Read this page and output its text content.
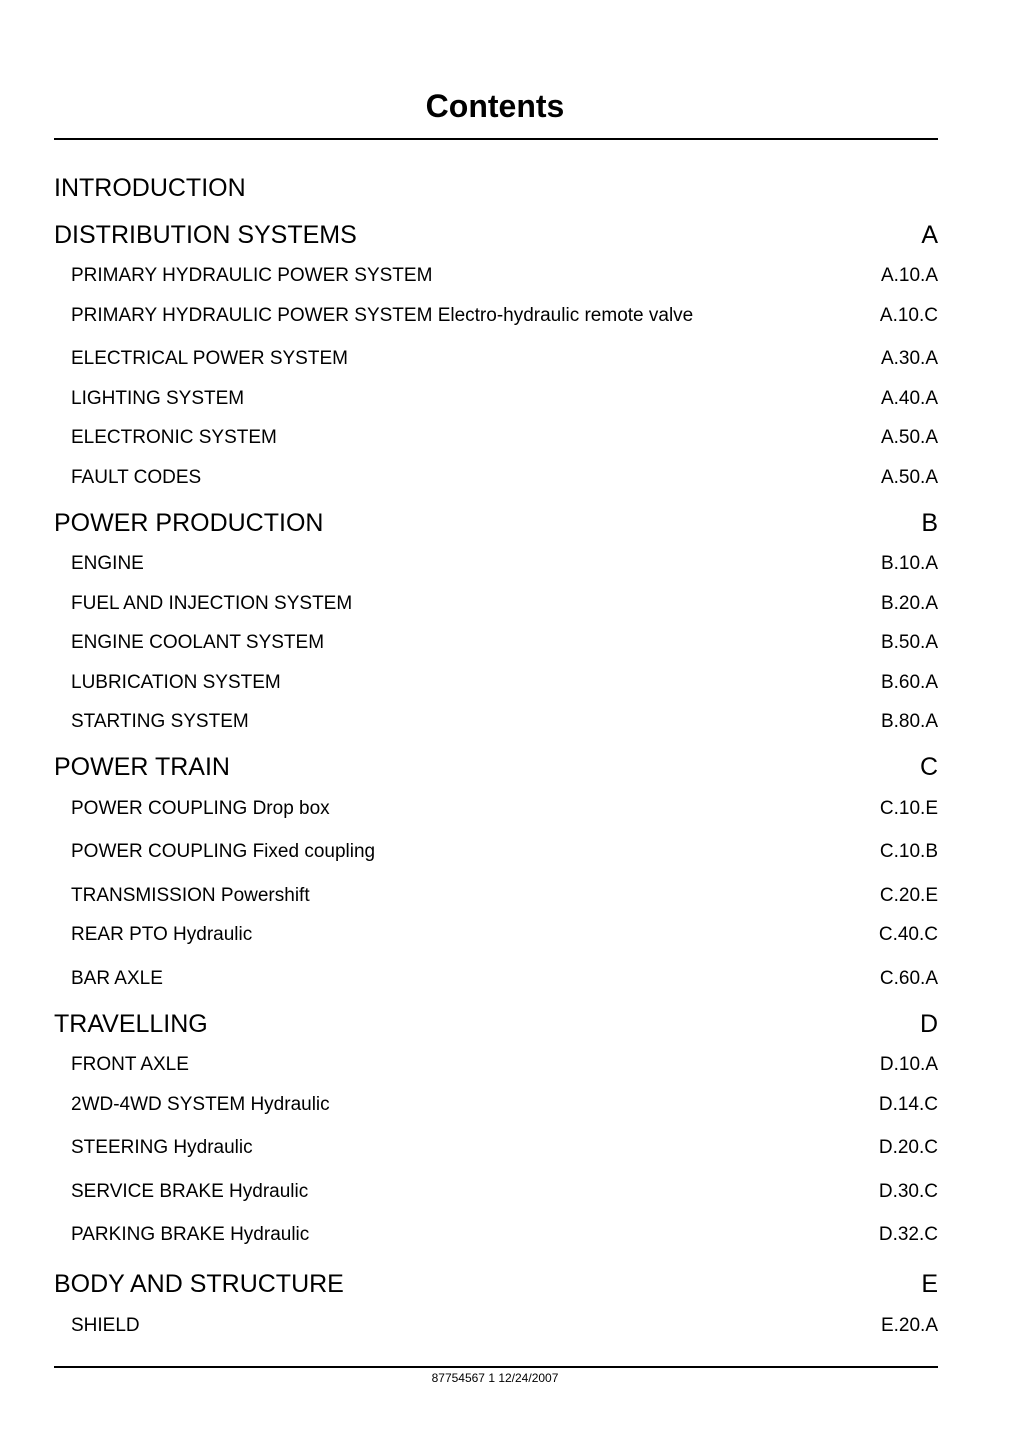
Contents
INTRODUCTION
DISTRIBUTION SYSTEMS	A
PRIMARY HYDRAULIC POWER SYSTEM	A.10.A
PRIMARY HYDRAULIC POWER SYSTEM Electro-hydraulic remote valve	A.10.C
ELECTRICAL POWER SYSTEM	A.30.A
LIGHTING SYSTEM	A.40.A
ELECTRONIC SYSTEM	A.50.A
FAULT CODES	A.50.A
POWER PRODUCTION	B
ENGINE	B.10.A
FUEL AND INJECTION SYSTEM	B.20.A
ENGINE COOLANT SYSTEM	B.50.A
LUBRICATION SYSTEM	B.60.A
STARTING SYSTEM	B.80.A
POWER TRAIN	C
POWER COUPLING Drop box	C.10.E
POWER COUPLING Fixed coupling	C.10.B
TRANSMISSION Powershift	C.20.E
REAR PTO Hydraulic	C.40.C
BAR AXLE	C.60.A
TRAVELLING	D
FRONT AXLE	D.10.A
2WD-4WD SYSTEM Hydraulic	D.14.C
STEERING Hydraulic	D.20.C
SERVICE BRAKE Hydraulic	D.30.C
PARKING BRAKE Hydraulic	D.32.C
BODY AND STRUCTURE	E
SHIELD	E.20.A
87754567 1 12/24/2007
